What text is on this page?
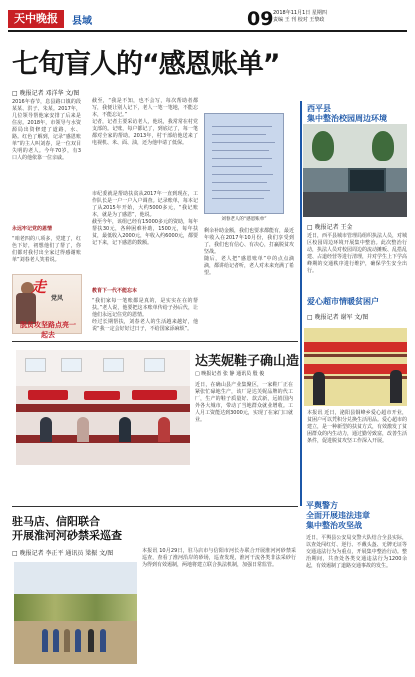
天中晚报	县域	09 2018年11月1日 星期四
责编 王 刊 校对 王黎政
七旬盲人的“感恩账单”
□ 晚报记者 邓洋华 文/图
2016年春节，息县路口镇的段某某、洪子、朱某。2017年，几位领导帮他家安排了后来是住房。2018年，市领导与水资源局出资修建了道路，水、路。红色了解到，记录“感恩账单”的主人叫刘春，是一位双目失明的老人。今年70岁，有3口人的他依靠一位亲戚。
永远牢记党的恩情
“咱老四的八项多，党建了，红色下好，初想他们了帮了，你们都对我付出全家过得感谢账单”刘春老人笑着说。
截至，“我是不知，也不会写，每次帮助者都写，我便让别人记下，老人一笔一笔地，不能忘本，不能忘记。”
记者，记者主要采访老人，他说，我常常在村党支部的。记账，每户都记了，到底记了，每一笔都对全家的帮助。2013年，村干部给他送来了电视机、米、面、油，还为他申请了低保。
市纪委就是帮助扶贫从2017年一直到现在，工作队长是一户一户入户调查。记录账单，每本记了从2015年开始，大约5000多元，“我记账本，就是为了感恩”，他说。
截至今年，该组已经有15000多元的资助，每年帮扶30元，各种困难补助，1500元，每年扶贫，最低收入2000元，年收入约6000元，都要记下来，记下感恩的数额。
教育下一代不能忘本
“我们家每一笔账都是真的，是实实在在的帮扶。”老人说，他要把这本账单传给子孙后代，让他们永远记住党的恩情。
经过长期帮扶，刘春老人的生活越来越好，他说“我一定会好好过日子，不给国家添麻烦”。
刘春老人的“感恩账单”
剩余补助金额，我们也要求都能有，最近年收入在2017年10月份，我们享受到了，我们也有信心、有决心，打赢脱贫攻坚战。
随后，老人把“感恩账单”中的点点滴滴，都讲给记者听，老人对未来充满了希望。
走
党风
脱贫攻坚路点亮一起去
西平县
集中整治校园周边环境
□ 晚报记者 王金
近日，西平县城市管理局组织执法人员，对城区校园周边环境开展集中整治。此次整治行动，执法人员对校园周边的流动摊贩、乱搭乱建、占道经营等进行清理，并对学生上下学高峰期的交通秩序进行维护，确保学生安全出行。
爱心超市情暖贫困户
□ 晚报记者 谢军 文/图
本报讯 近日，泌阳县铜峰乡爱心超市开业，贫困户可以凭积分兑换生活用品。爱心超市的建立，是一种新型的扶贫方式，有效激发了贫困群众的内生动力，通过勤劳致富，改善生活条件，促进脱贫攻坚工作深入开展。
达芙妮鞋子确山造
□ 晚报记者 张 静 通讯员 殷 俊
近日，在确山县产业集聚区，一家鞋厂正在紧张忙碌地生产，该厂是达芙妮品牌的代工厂，生产的鞋子质量好、款式新，远销国内外各大城市，带动了当地群众就业增收。工人月工资能达到3000元，实现了在家门口就业。
驻马店、信阳联合
开展淮河河砂禁采巡查
□ 晚报记者 李正平 通讯员 梁振 文/图	本报讯 10月29日，驻马店市与信阳市河长办联合开展淮河河砂禁采巡查，查看了淮河沿岸的砂场，巡查发现，淮河干流各类非法采砂行为得到有效遏制，两地将建立联合执法机制，加强日常监管。
平舆警方
全面开展违法违章
集中整治攻坚战
近日，平舆县公安局交警大队结合全县实际，以查处闯红灯、逆行、不戴头盔、无牌无证等交通违法行为为重点，开展集中整治行动。整治期间，共查处各类交通违法行为1200余起，有效遏制了道路交通事故的发生。
